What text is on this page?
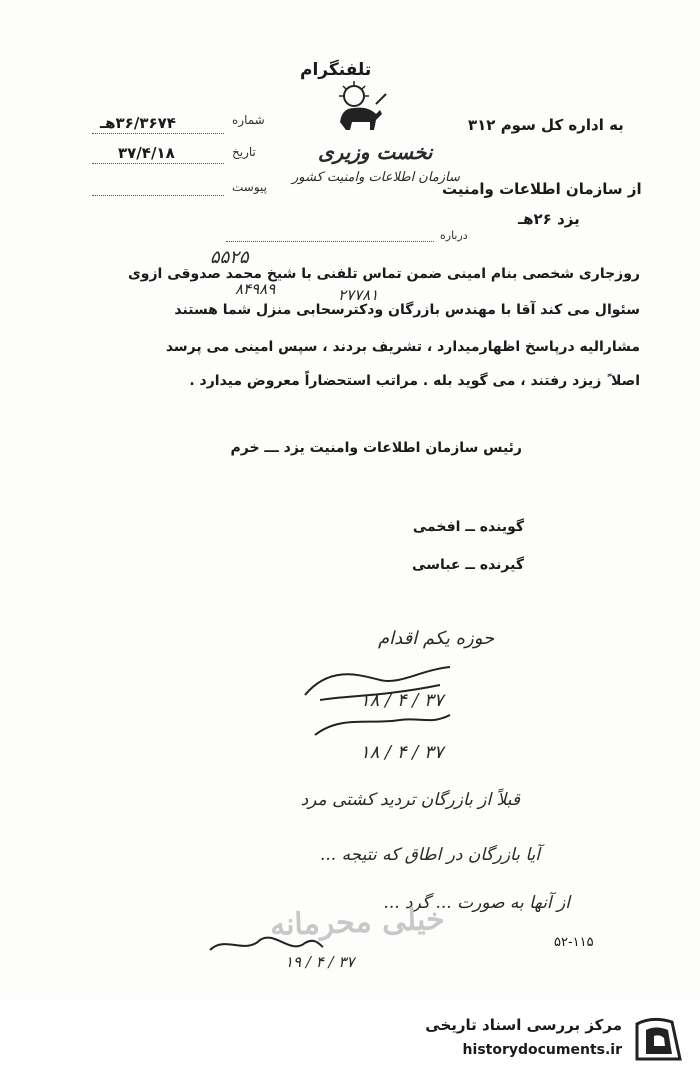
تلفنگرام
نخست وزیری
سازمان اطلاعات وامنیت کشور
شماره
۳۶/۳۶۷۴هـ
تاریخ
۳۷/۴/۱۸
پیوست
به اداره کل سوم ۳۱۲
از سازمان اطلاعات وامنیت
یزد ۲۶هـ
درباره
۵۵۲۵
۸۴۹۸۹	۲۷۷۸۱
روزجاری شخصی بنام امینی ضمن تماس تلفنی با شیخ محمد صدوقی ازوی
سئوال می کند آقا با مهندس بازرگان ودکترسحابی منزل شما هستند
مشارالیه درپاسخ اظهارمیدارد ، تشریف بردند ، سپس امینی می پرسد
اصلا ً زیزد رفتند ، می گوید بله . مراتب استحضاراً معروض میدارد .
رئیس سازمان اطلاعات وامنیت یزد ـــ خرم
گوینده ــ افخمی
گیرنده ــ عباسی
حوزه یکم اقدام
۱۸ / ۴ / ۳۷
۱۸ / ۴ / ۳۷
قبلاً از بازرگان تردید کشتی مرد
آیا بازرگان در اطاق که نتیجه ...
از آنها به صورت ... گرد ...
خیلی محرمانه
۱۹ / ۴ / ۳۷
۵۲-۱۱۵
مرکز بررسی اسناد تاریخی
historydocuments.ir
